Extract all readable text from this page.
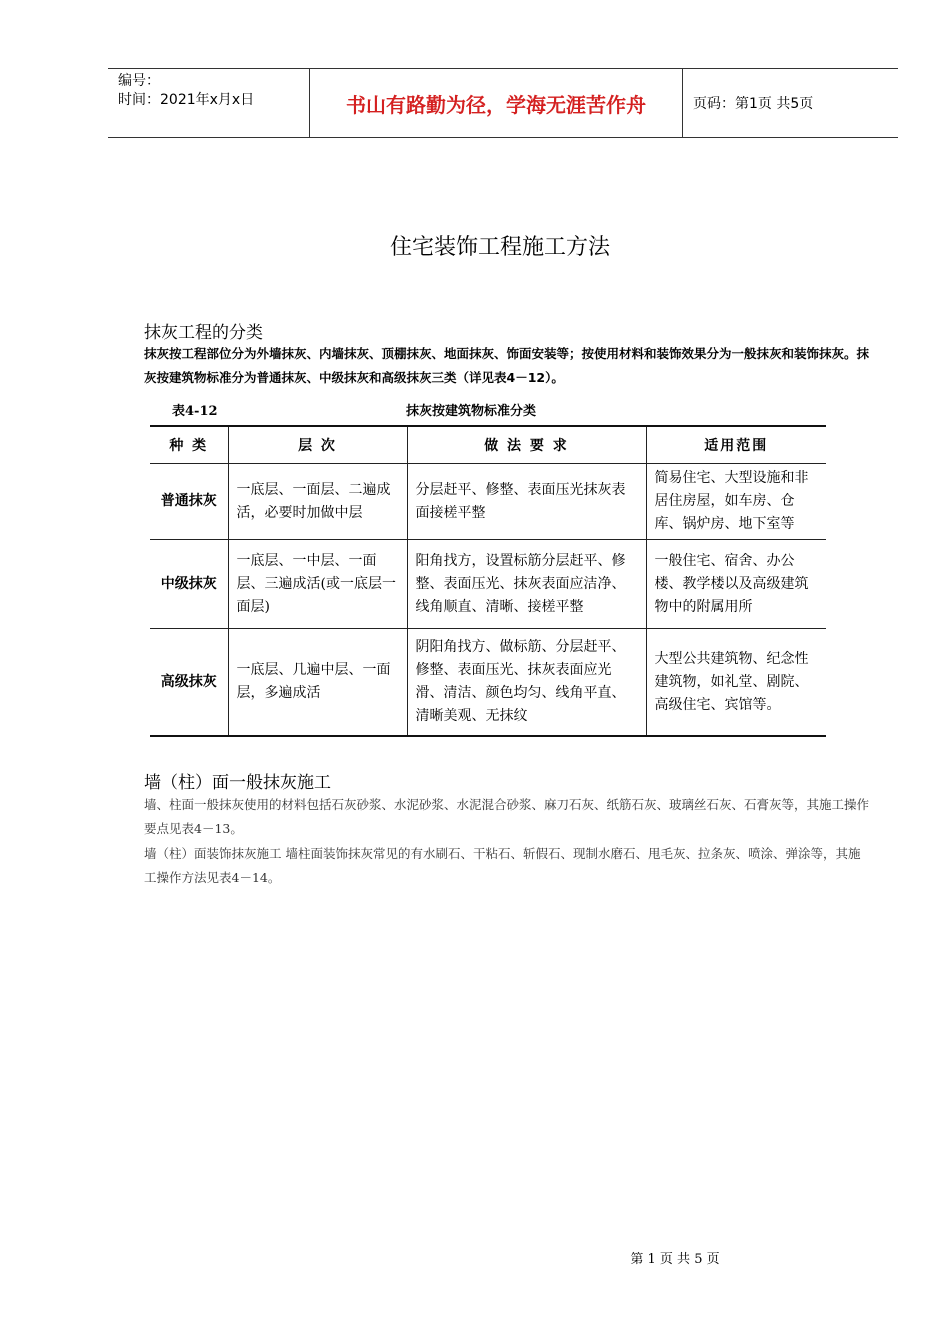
编号：
时间：2021年x月x日	书山有路勤为径，学海无涯苦作舟	页码：第1页 共5页
住宅装饰工程施工方法
抹灰工程的分类
抹灰按工程部位分为外墙抹灰、内墙抹灰、顶棚抹灰、地面抹灰、饰面安装等；按使用材料和装饰效果分为一般抹灰和装饰抹灰。抹灰按建筑物标准分为普通抹灰、中级抹灰和高级抹灰三类（详见表4－12）。
表4-12	抹灰按建筑物标准分类
种 类	层 次	做 法 要 求	适用范围
普通抹灰	一底层、一面层、二遍成活，必要时加做中层	分层赶平、修整、表面压光抹灰表面接槎平整	简易住宅、大型设施和非居住房屋，如车房、仓库、锅炉房、地下室等
中级抹灰	一底层、一中层、一面层、三遍成活(或一底层一面层)	阳角找方，设置标筋分层赶平、修整、表面压光、抹灰表面应洁净、线角顺直、清晰、接槎平整	一般住宅、宿舍、办公楼、教学楼以及高级建筑物中的附属用所
高级抹灰	一底层、几遍中层、一面层，多遍成活	阴阳角找方、做标筋、分层赶平、修整、表面压光、抹灰表面应光滑、清洁、颜色均匀、线角平直、清晰美观、无抹纹	大型公共建筑物、纪念性建筑物，如礼堂、剧院、高级住宅、宾馆等。
墙（柱）面一般抹灰施工
墙、柱面一般抹灰使用的材料包括石灰砂浆、水泥砂浆、水泥混合砂浆、麻刀石灰、纸筋石灰、玻璃丝石灰、石膏灰等，其施工操作要点见表4－13。
墙（柱）面装饰抹灰施工 墙柱面装饰抹灰常见的有水刷石、干粘石、斩假石、现制水磨石、甩毛灰、拉条灰、喷涂、弹涂等，其施工操作方法见表4－14。
第 1 页 共 5 页
